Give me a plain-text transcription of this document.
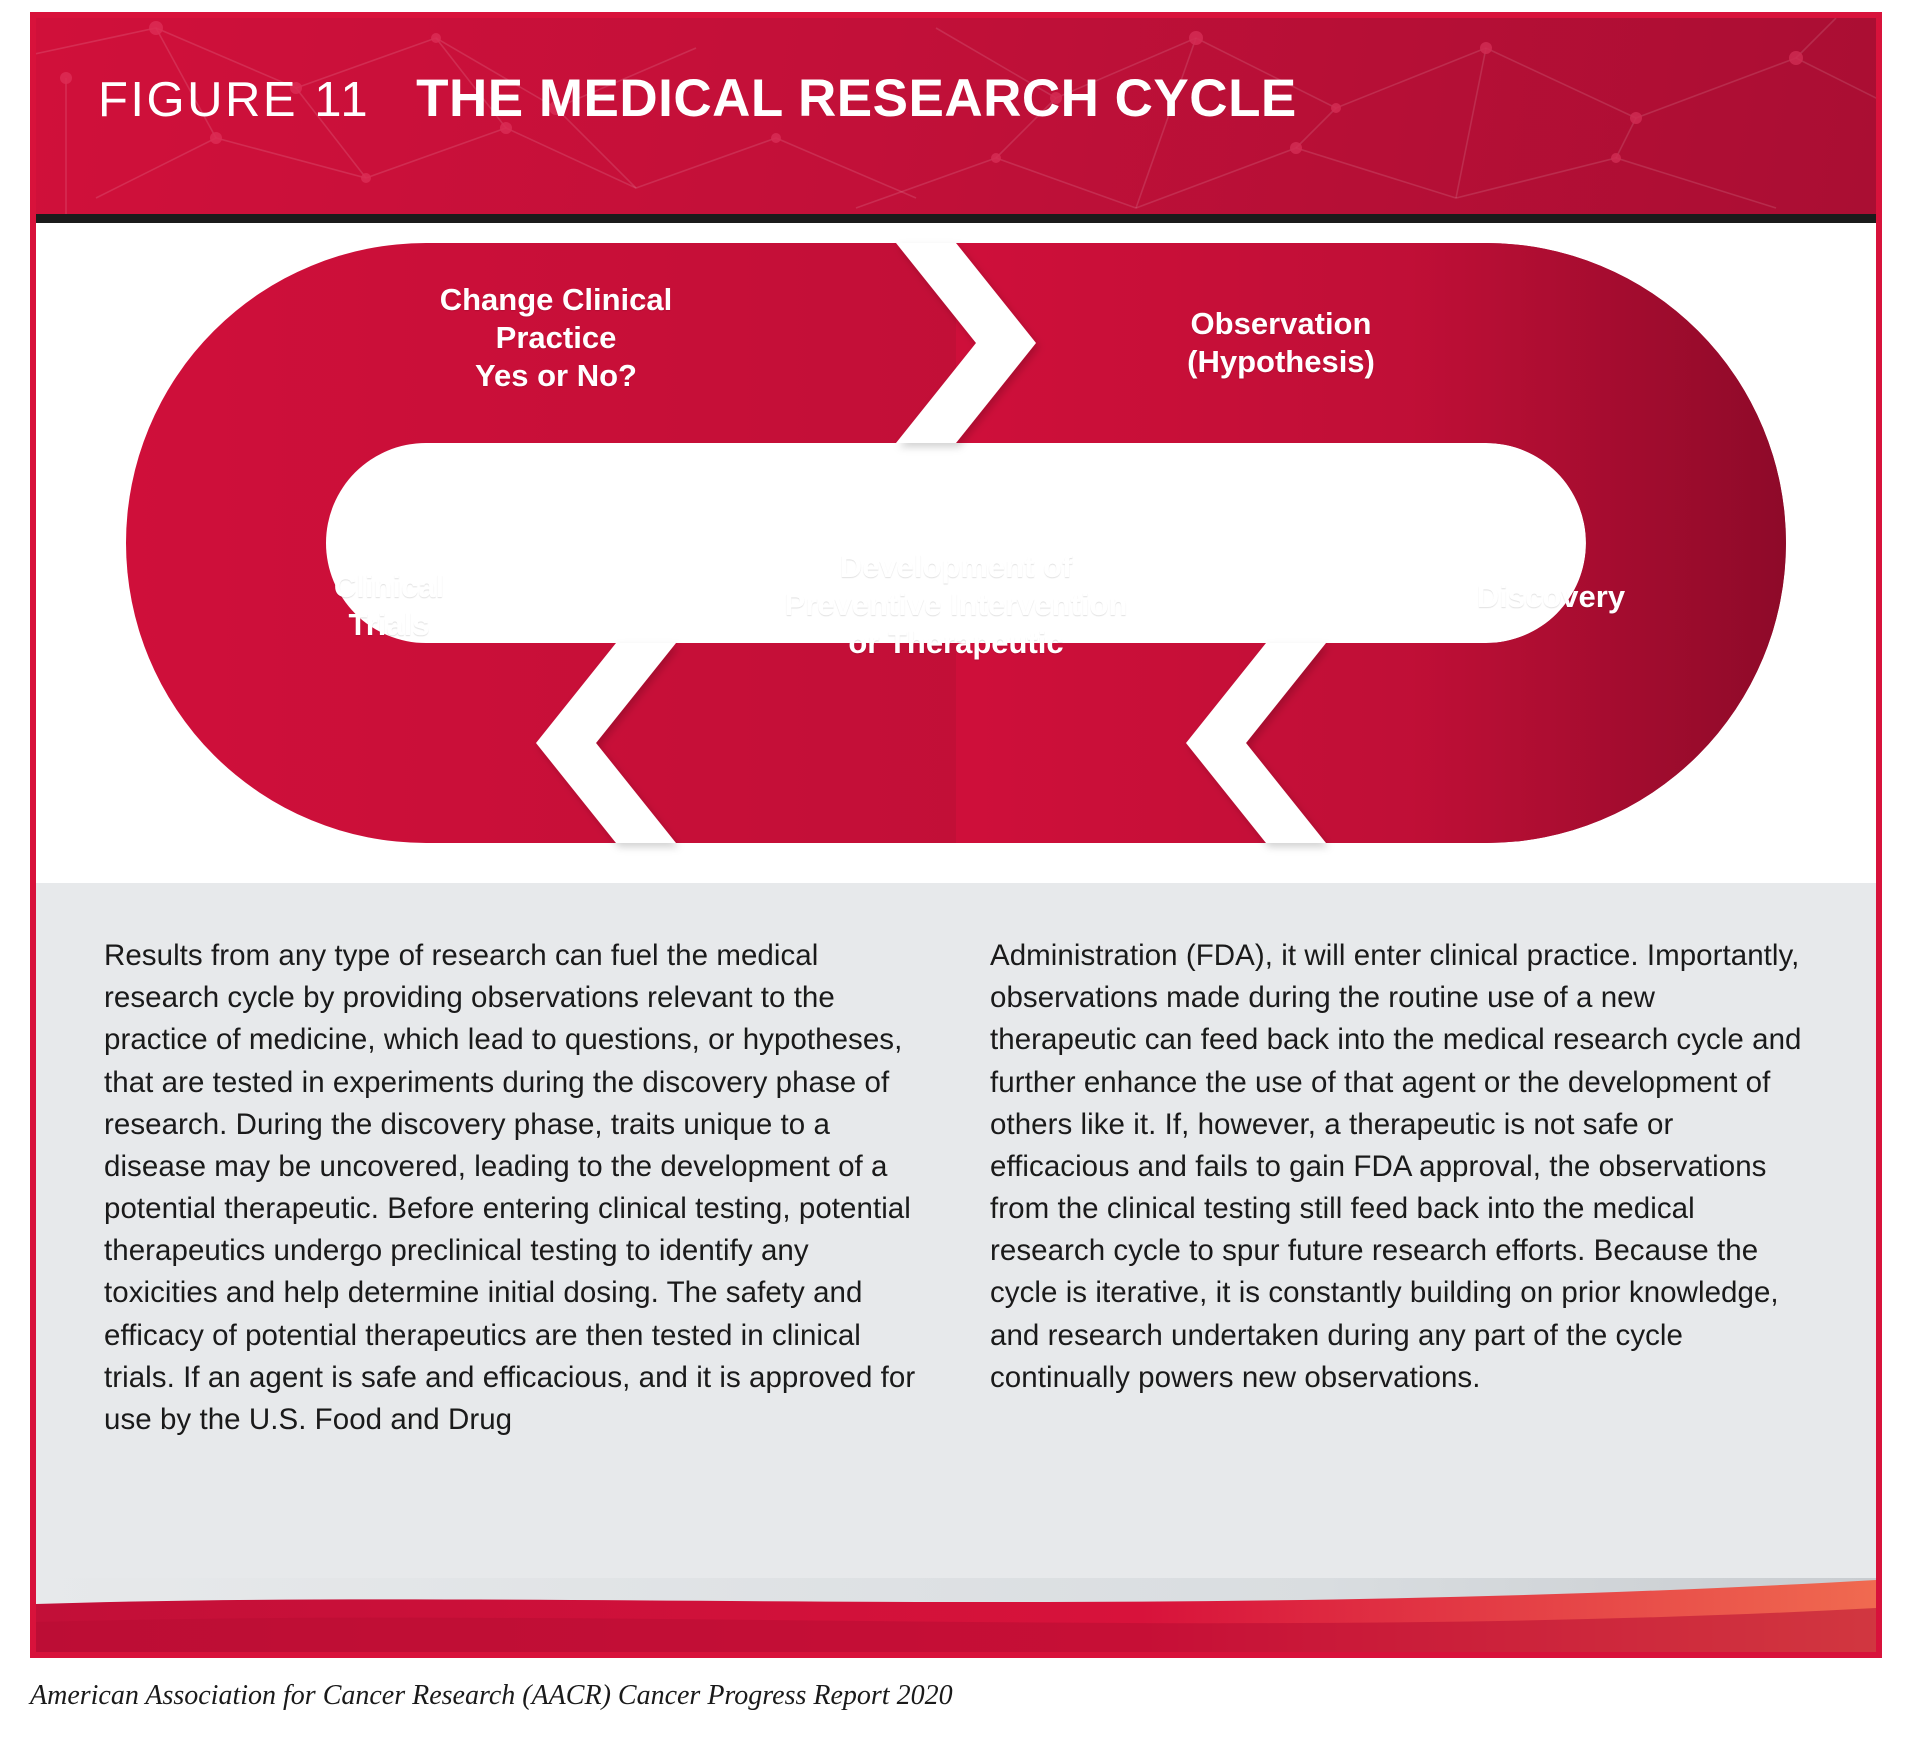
FIGURE 11 THE MEDICAL RESEARCH CYCLE
Change Clinical
Practice
Yes or No?
Observation
(Hypothesis)
Clinical
Trials
Development of
Preventive Intervention
or Therapeutic
Discovery

Results from any type of research can fuel the medical research cycle by providing observations relevant to the practice of medicine, which lead to questions, or hypotheses, that are tested in experiments during the discovery phase of research. During the discovery phase, traits unique to a disease may be uncovered, leading to the development of a potential therapeutic. Before entering clinical testing, potential therapeutics undergo preclinical testing to identify any toxicities and help determine initial dosing. The safety and efficacy of potential therapeutics are then tested in clinical trials. If an agent is safe and efficacious, and it is approved for use by the U.S. Food and Drug

Administration (FDA), it will enter clinical practice. Importantly, observations made during the routine use of a new therapeutic can feed back into the medical research cycle and further enhance the use of that agent or the development of others like it. If, however, a therapeutic is not safe or efficacious and fails to gain FDA approval, the observations from the clinical testing still feed back into the medical research cycle to spur future research efforts. Because the cycle is iterative, it is constantly building on prior knowledge, and research undertaken during any part of the cycle continually powers new observations.

American Association for Cancer Research (AACR) Cancer Progress Report 2020
